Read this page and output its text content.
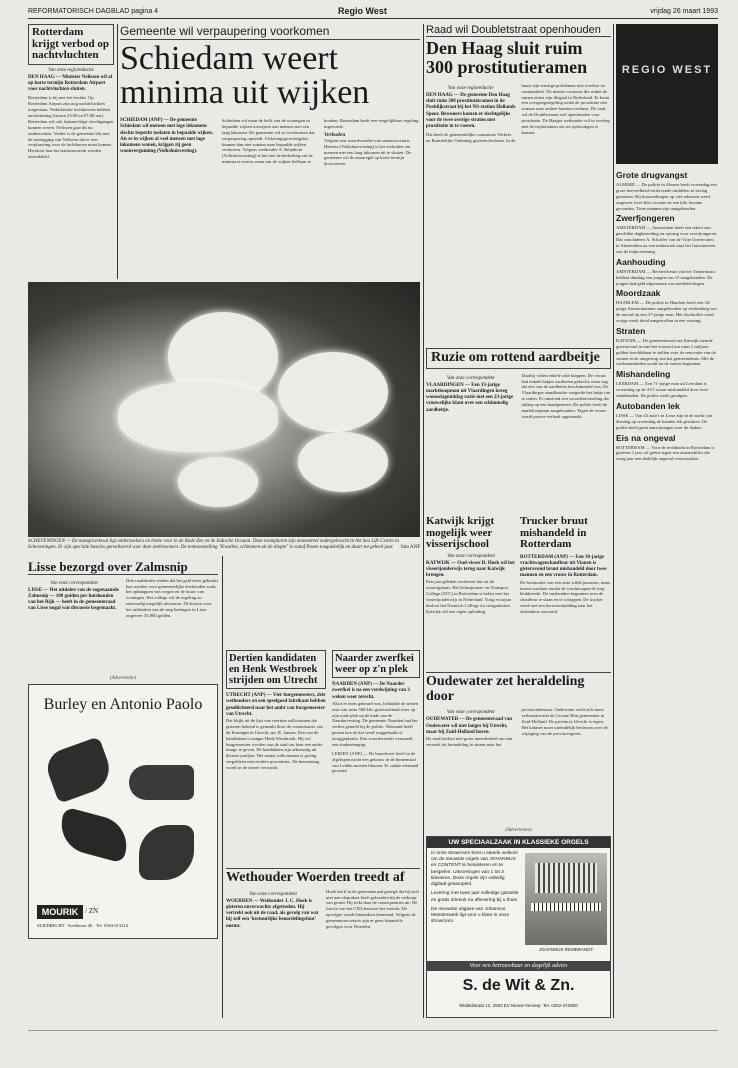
REFORMATORISCH DAGBLAD pagina 4	Regio West	vrijdag 26 maart 1993
Rotterdam krijgt verbod op nachtvluchten
Van onze regioredactie
DEN HAAG — Minister Nelissen wil al op korte termijn Rotterdam Airport voor nachtvluchten sluiten.
Rotterdam is bij met het besluit. Op Rotterdam Airport zijn nog nachtvluchten toegestaan. Nederlandse luchthavens hebben nachtsluiting (tussen 23.00 en 07.00 uur). Rotterdam wil ook laatsnachtige vluchtgangen kunnen weren. Nelissen gaat dit nu onderzoeken. Verder is de gemeente blij met de toezegging van Nelissen dat er een verplaatsing voor de luchthaven moet komen. Hierdoor kan het stationsterrein worden ontwikkeld.
Gemeente wil verpaupering voorkomen
Schiedam weert minima uit wijken
SCHIEDAM (ANP) — De gemeente Schiedam wil mensen met lage inkomens slechts beperkt toelaten in bepaalde wijken. Als er in wijken al veel mensen met lage inkomens wonen, krijgen zij geen woonvergunning (Volkshuisvesting).
Schiedam wil maar de helft van de woningen in bepaalde wijken toewijzen aan mensen met een laag inkomen. De gemeente wil zo voorkomen dat verpaupering optreedt. Uitkeringsgerechtigden kunnen dan niet zomaar naar bepaalde wijken verhuizen. Volgens wethouder A. Reijnhout (Volkshuisvesting) is het niet de bedoeling om de minima te weren, maar om de wijken leefbaar te houden. Rotterdam heeft een vergelijkbare regeling ingevoerd.
Verboden
Volgens een woordvoerder van staatssecretaris Heerma (Volkshuisvesting) is het verboden om mensen met een laag inkomen uit te sluiten. De gemeente wil de maatregel op korte termijn doorvoeren.
Raad wil Doubletstraat openhouden
Den Haag sluit ruim 300 prostitutieramen
Van onze regioredactie
DEN HAAG — De gemeente Den Haag sluit ruim 300 prostitutieramen in de Poeldijkstraat bij het NS-station Hollands Spoor. Bewoners komen er slechtgelijks voor de twee overige straten met prostitutie in te voeren.
Dat heeft de gemeentelijke commissie Verkeer en Ruimtelijke Ordening gisteren besloten. In de buurt zijn ernstige problemen met overlast en criminaliteit. De meeste vrouwen die achter de ramen zitten zijn illegaal in Nederland. Er komt een overgangsregeling zodat de prostitutie niet zomaar naar andere buurten verhuist. De raad wil de Doubletstraat wel openhouden voor prostitutie. De Haagse wethouder wil in overleg met de exploitanten om tot oplossingen te komen.
SCHEVENINGEN — De mangrovekwal ligt onderzoekers en bente voor in de Rede Zee en de Indische Oceaan. Deze exemplaren zijn momenteel ondergebracht in het Sea Life Centre in Scheveningen. Er zijn speciale bassins gerealiseerd voor deze zeebewoners. De tentoonstelling "Kwallen, schimmen uit de diepte" is vanaf Pasen toegankelijk en duurt tot geheel jaar. foto ANP
Ruzie om rottend aardbeitje
Van onze correspondent
VLAARDINGEN — Een 33-jarige marktkoopman uit Vlaardingen kreeg woensdagmiddag ruzie met een 23-jarige vrouwelijke klant over een schimmelig aardbeitje.
Daarbij vielen enkele rake klappen. De vrouw had enkele bakjes aardbeien gekocht, maar zag dat een van de aardbeien beschimmeld was. De Vlaardingse standhouder weigerde het bakje om te ruilen. Er ontstond een woordenwisseling die uitliep op een handgemeen. De politie heeft de marktkoopman aangehouden. Tegen de vrouw wordt proces-verbaal opgemaakt.
Katwijk krijgt mogelijk weer visserijschool
Van onze correspondent
KATWIJK — Oud-visser D. Hoek wil het visserijonderwijs terug naar Katwijk brengen.
Een jaar geleden verdween dat uit de visserijplaats. Het Scheepvaart- en Transport College (STC) in Rotterdam is belast met het visserijonderwijs in Nederland. Vorig voorjaar besloot het Nautisch College tot reorganisatie. Katwijk wil een eigen opleiding.
Trucker bruut mishandeld in Rotterdam
ROTTERDAM (ANP) — Een 30-jarige vrachtwagenchauffeur uit Vianen is gisteravond bruut mishandeld door twee mannen en een vrouw in Rotterdam.
De bestuurder van een auto wilde passeren, maar moest wachten omdat de vrachtwagen de weg blokkeerde. De inzittenden begonnen toen de chauffeur te slaan en te schoppen. De trucker werd met een hersenschudding naar het ziekenhuis vervoerd.
Lisse bezorgd over Zalmsnip
Van onze correspondent
LISSE — Het uitdelen van de zogenaamde Zalmsnip — 100 gulden per huishouden van het Rijk — heeft in de gemeenteraad van Lisse nogal wat discussie losgemaakt.
Drie raadsleden vinden dat het geld beter gebruikt kan worden voor gemeentelijke doeleinden zoals het opknappen van wegen en de bouw van woningen. Het college wil de regeling zo eenvoudig mogelijk uitvoeren. De kosten voor het uitbetalen van de snip bedragen in Lisse ongeveer 35.000 gulden.
(Advertentie)
Burley en Antonio Paolo
MOURIK / ZN
SLIEDRECHT · Kerkbuurt 40 · Tel. 0184-413214
Dertien kandidaten en Henk Westbroek strijden om Utrecht
UTRECHT (ANP) — Vier burgemeesters, drie wethouders en een speelgoed fabrikant hebben gesolliciteerd naar het ambt van burgemeester van Utrecht.
Dat blijkt uit de lijst van veertien sollicitanten die gisteren bekend is gemaakt door de commissaris van de Koningin in Utrecht, mr. R. Jansen. Een van de kandidaten is zanger Henk Westbroek. Hij wil burgemeester worden van de stad om haar een ander imago te geven. De kandidaten zijn afkomstig uit diverse partijen. Het aantal sollicitanten is gering vergeleken met eerdere procedures. De benoeming wordt in de zomer verwacht.
Naarder zwerfkei weer op z'n plek
NAARDEN (ANP) — De Naarder zwerfkei is na een verdwijning van 3 weken weer terecht.
Alsof er niets gebeurd was, belandde de stenen reus van ruim 500 kilo gisterochtend weer op zijn oude plek op de kade van de Naardervesting. De gemeente Naarden had het verlies gemeld bij de politie. Niemand heeft gezien hoe de kei werd weggehaald of teruggeplaatst. Een woordvoerder vermoedt een studentengrap.
LEIDEN (ANP) — De brandweer heeft in de afgelopen nacht een gebouw in de binnenstad van Leiden moeten blussen. Er raakte niemand gewond.
Oudewater zet heraldeling door
Van onze correspondent
OUDEWATER — De gemeenteraad van Oudewater wil niet langer bij Utrecht, maar bij Zuid-Holland horen.
De raad besloot met grote meerderheid om een verzoek tot herindeling te sturen naar het provinciebestuur. Oudewater voelt zich meer verbonden met de Groene Hart gemeenten in Zuid-Holland. De provincie Utrecht is tegen. Het kabinet moet uiteindelijk beslissen over de wijziging van de provinciegrens.
Wethouder Woerden treedt af
Van onze correspondent
WOERDEN — Wethouder J. C. Hoek is gisteren onverwachts afgetreden. Hij vertrekt ook uit de raad, als gevolg van wat hij zelf een 'bestuurlijke beoordelingsfout' noemt.
Hoek heeft in de gemeenteraad gezegd dat hij zich niet aan afspraken heeft gehouden bij de verkoop van grond. Hij trekt daar de consequenties uit. De fractie van het CDA betreurt het vertrek. De opvolger wordt binnenkort benoemd. Volgens de gemeentesecretaris zijn er geen financiële gevolgen voor Woerden.
(Advertentie)
UW SPECIAALZAAK IN KLASSIEKE ORGELS
In onze showroom bent u steeds welkom om de nieuwste orgels van JOHANNUS en CONTENT te beluisteren en te bespelen. Uitvoeringen van 1 tot 3 klavieren. Deze orgels zijn volledig digitaal gesampled.
Levering met twee jaar volledige garantie en gratis inbreuk na aflevering bij u thuis.
De nieuwste uitgave van Johannus Meesterwerk ligt voor u klaar in onze showroom.
JOHANNUS REMBRANDT
Voor een betrouwbaar en degelijk advies
S. de Wit & Zn.
Middelstraat 12, 2553 EV Nieuw-Vennep. Tel. 0252-472800
REGIO WEST
Grote drugvangst
ALMERE — De politie in Almere heeft woensdag een grote hoeveelheid verdovende middelen in beslag genomen. Bij huiszoekingen op vier adressen werd ongeveer twee kilo cocaïne en een kilo heroïne gevonden. Twee mannen zijn aangehouden.
Zwerfjongeren
AMSTERDAM — Amsterdam heeft een tekort aan geschikte dagbesteding en opvang voor zwerfjongeren. Dat concludeert A. Schoffer van de Vrije Universiteit in Amsterdam na een onderzoek naar het functioneren van de hulpverlening.
Aanhouding
AMSTERDAM — Rechercheurs van het Tienermusic hebben dinsdag een jongen van 15 aangehouden. De jongen had geld afgenomen van medeleerlingen.
Moordzaak
HAARLEM — De politie in Haarlem heeft een 34-jarige Amsterdammer aangehouden op verdenking van de moord op een 37-jarige man. Het slachtoffer werd vorige week dood aangetroffen in een woning.
Straten
KATWIJK — De gemeenteraad van Katwijk stemde gisteravond in met het voorstel om ruim 1 miljoen gulden beschikbaar te stellen voor de renovatie van de straten in de omgeving van het gemeentehuis. Met de werkzaamheden wordt na de zomer begonnen.
Mishandeling
LEERDAM — Een 71-jarige man uit Leerdam is woensdag op de A15 zwaar mishandeld door twee onbekenden. De politie zoekt getuigen.
Autobanden lek
LISSE — Van 43 auto's in Lisse zijn in de nacht van dinsdag op woensdag de banden lek gestoken. De politie heeft geen aanwijzingen over de daders.
Eis na ongeval
ROTTERDAM — Voor de rechtbank in Rotterdam is gisteren 1 jaar cel geëist tegen een automobilist die vorig jaar een dodelijk ongeval veroorzaakte.
